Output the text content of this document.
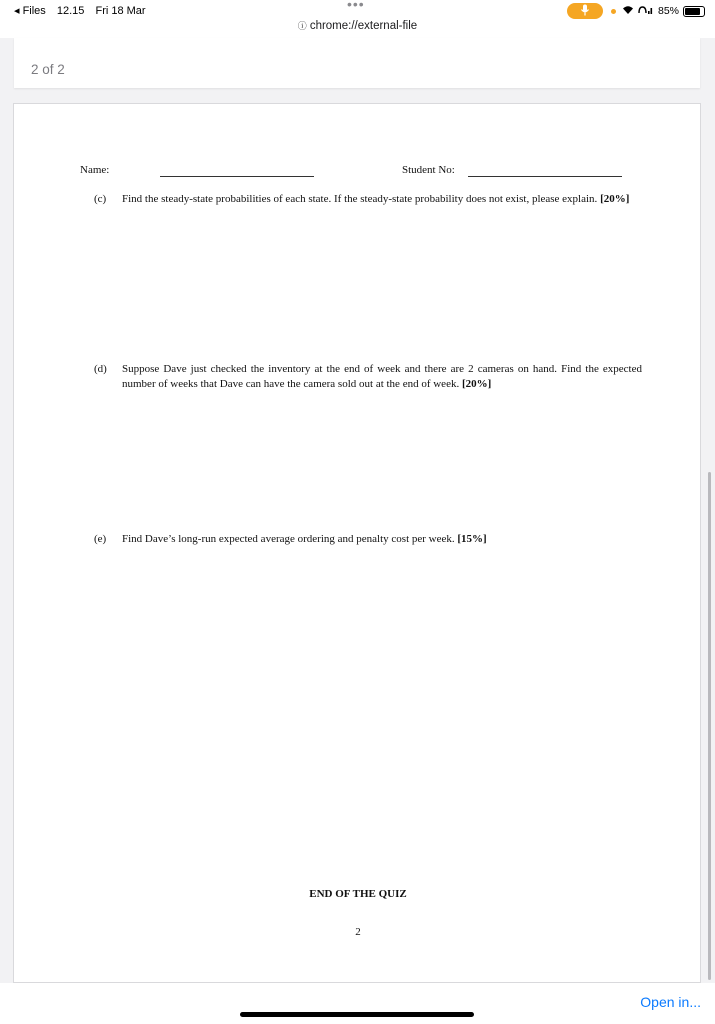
◂ Files 12.15 Fri 18 Mar	•••
ⓘ chrome://external-file
85%
2 of 2
Name:	Student No:
(c) Find the steady-state probabilities of each state. If the steady-state probability does not exist, please explain. [20%]
(d) Suppose Dave just checked the inventory at the end of week and there are 2 cameras on hand. Find the expected number of weeks that Dave can have the camera sold out at the end of week. [20%]
(e) Find Dave’s long-run expected average ordering and penalty cost per week. [15%]
END OF THE QUIZ
2
Open in...
